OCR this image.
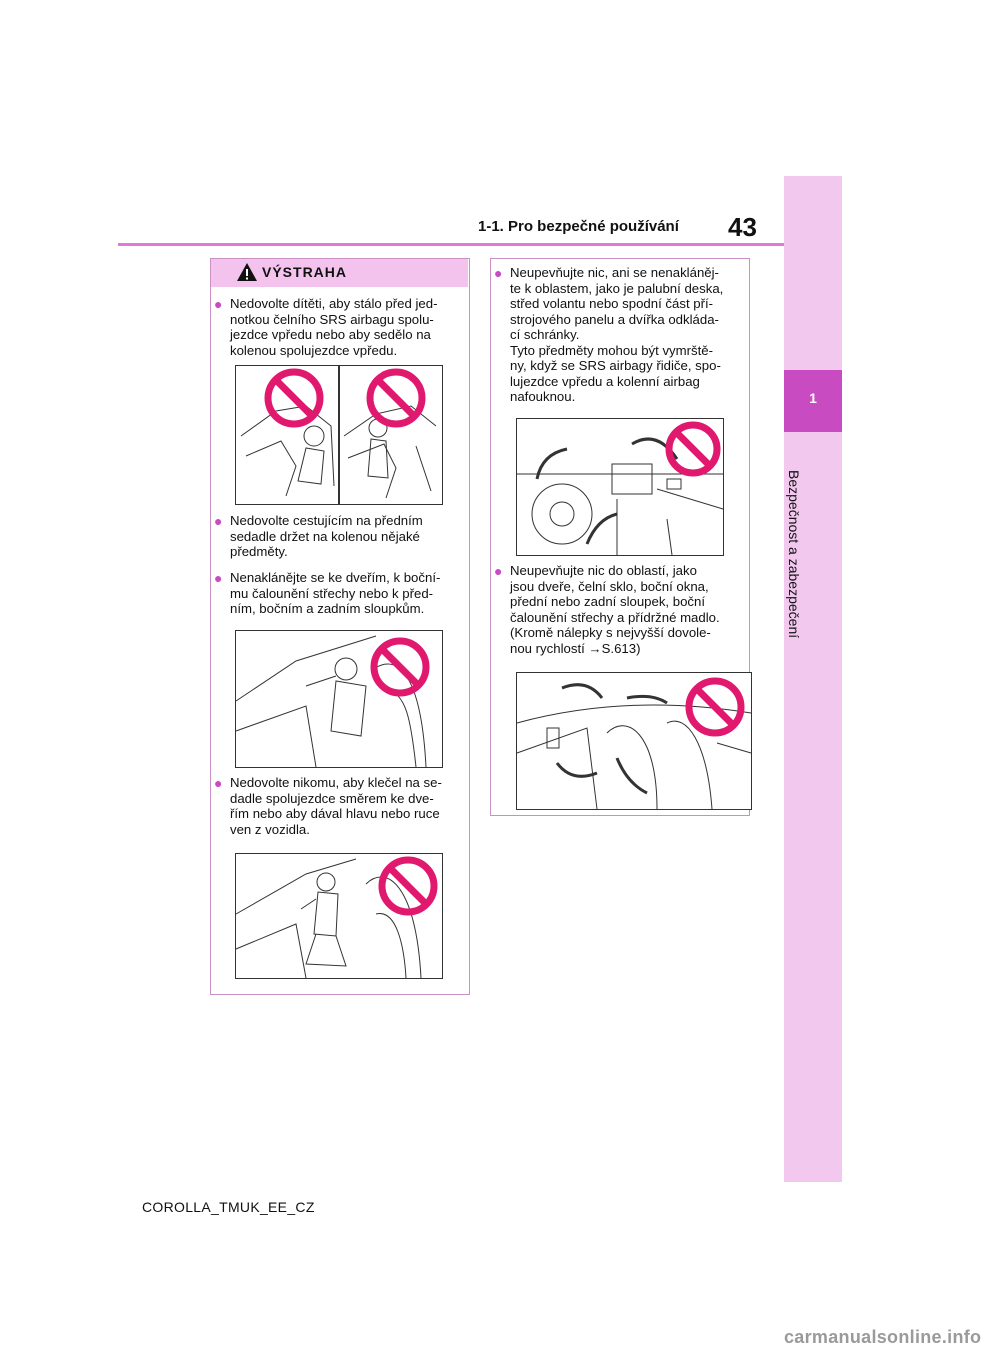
1-1. Pro bezpečné používání 43
1
Bezpečnost a zabezpečení
VÝSTRAHA
● Nedovolte dítěti, aby stálo před jed-
notkou čelního SRS airbagu spolu-
jezdce vpředu nebo aby sedělo na
kolenou spolujezdce vpředu.
● Nedovolte cestujícím na předním
sedadle držet na kolenou nějaké
předměty.
● Nenaklánějte se ke dveřím, k boční-
mu čalounění střechy nebo k před-
ním, bočním a zadním sloupkům.
● Nedovolte nikomu, aby klečel na se-
dadle spolujezdce směrem ke dve-
řím nebo aby dával hlavu nebo ruce
ven z vozidla.
● Neupevňujte nic, ani se nenakláněj-
te k oblastem, jako je palubní deska,
střed volantu nebo spodní část pří-
strojového panelu a dvířka odkláda-
cí schránky.
Tyto předměty mohou být vymrště-
ny, když se SRS airbagy řidiče, spo-
lujezdce vpředu a kolenní airbag
nafouknou.
● Neupevňujte nic do oblastí, jako
jsou dveře, čelní sklo, boční okna,
přední nebo zadní sloupek, boční
čalounění střechy a přídržné madlo.
(Kromě nálepky s nejvyšší dovole-
nou rychlostí →S.613)
COROLLA_TMUK_EE_CZ
carmanualsonline.info
